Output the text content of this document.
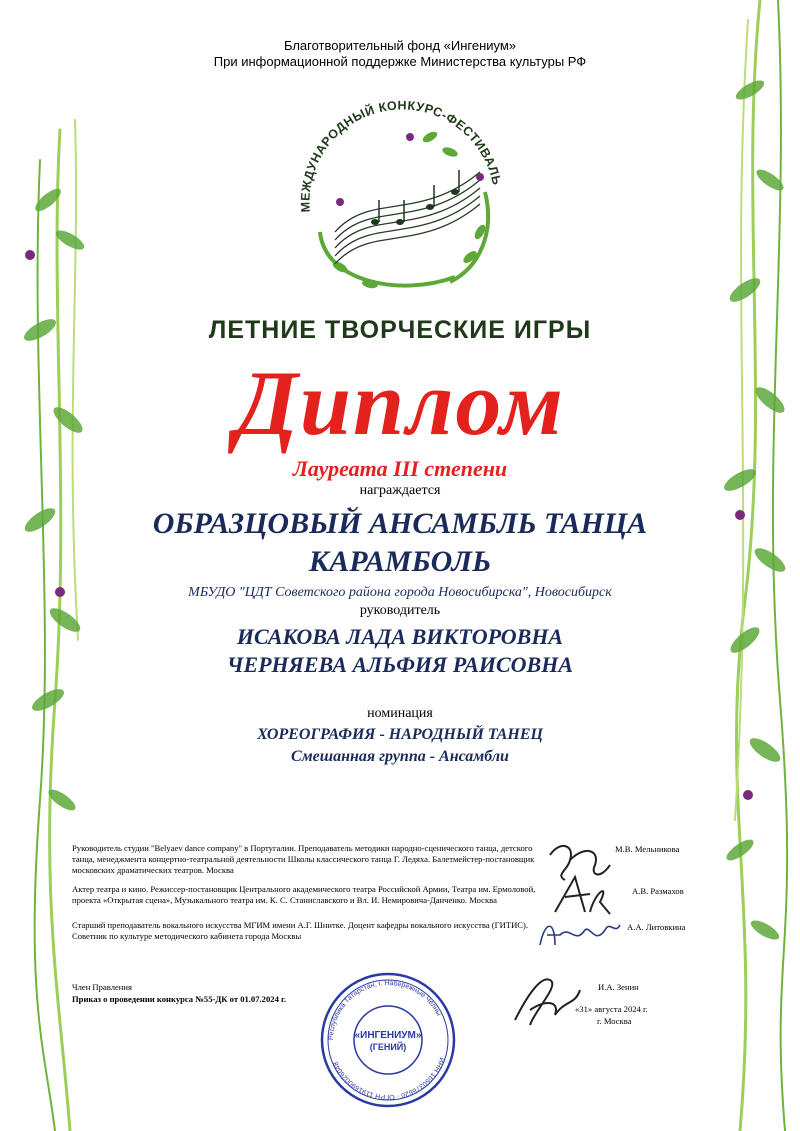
Благотворительный фонд «Ингениум»
При информационной поддержке Министерства культуры РФ
МЕЖДУНАРОДНЫЙ КОНКУРС-ФЕСТИВАЛЬ
ЛЕТНИЕ ТВОРЧЕСКИЕ ИГРЫ
Диплом
Лауреата III степени
награждается
ОБРАЗЦОВЫЙ АНСАМБЛЬ ТАНЦА
КАРАМБОЛЬ
МБУДО "ЦДТ Советского района города Новосибирска", Новосибирск
руководитель
ИСАКОВА ЛАДА ВИКТОРОВНА
ЧЕРНЯЕВА АЛЬФИЯ РАИСОВНА
номинация
ХОРЕОГРАФИЯ - НАРОДНЫЙ ТАНЕЦ
Смешанная группа - Ансамбли
Руководитель студии "Belyaev dance company" в Португалии. Преподаватель методики народно-сценического танца, детского танца, менеджмента концертно-театральной деятельности Школы классического танца Г. Ледяха. Балетмейстер-постановщик московских драматических театров. Москва
М.В. Мельникова
Актер театра и кино. Режиссер-постановщик Центрального академического театра Российской Армии, Театра им. Ермоловой, проекта «Открытая сцена», Музыкального театра им. К. С. Станиславского и Вл. И. Немировича-Данченко. Москва
А.В. Размахов
Старший преподаватель вокального искусства МГИМ имени А.Г. Шнитке. Доцент кафедры вокального искусства (ГИТИС). Советник по культуре методического кабинета города Москвы
А.А. Литовкина
Член Правления
Приказ о проведении конкурса №55-ДК от 01.07.2024 г.
И.А. Зенин
«31» августа 2024 г.
г. Москва
Республика Татарстан, г. Набережные Челны
ИНН 1650376620 · ОГРН 1191690026048
«ИНГЕНИУМ»
(ГЕНИЙ)
